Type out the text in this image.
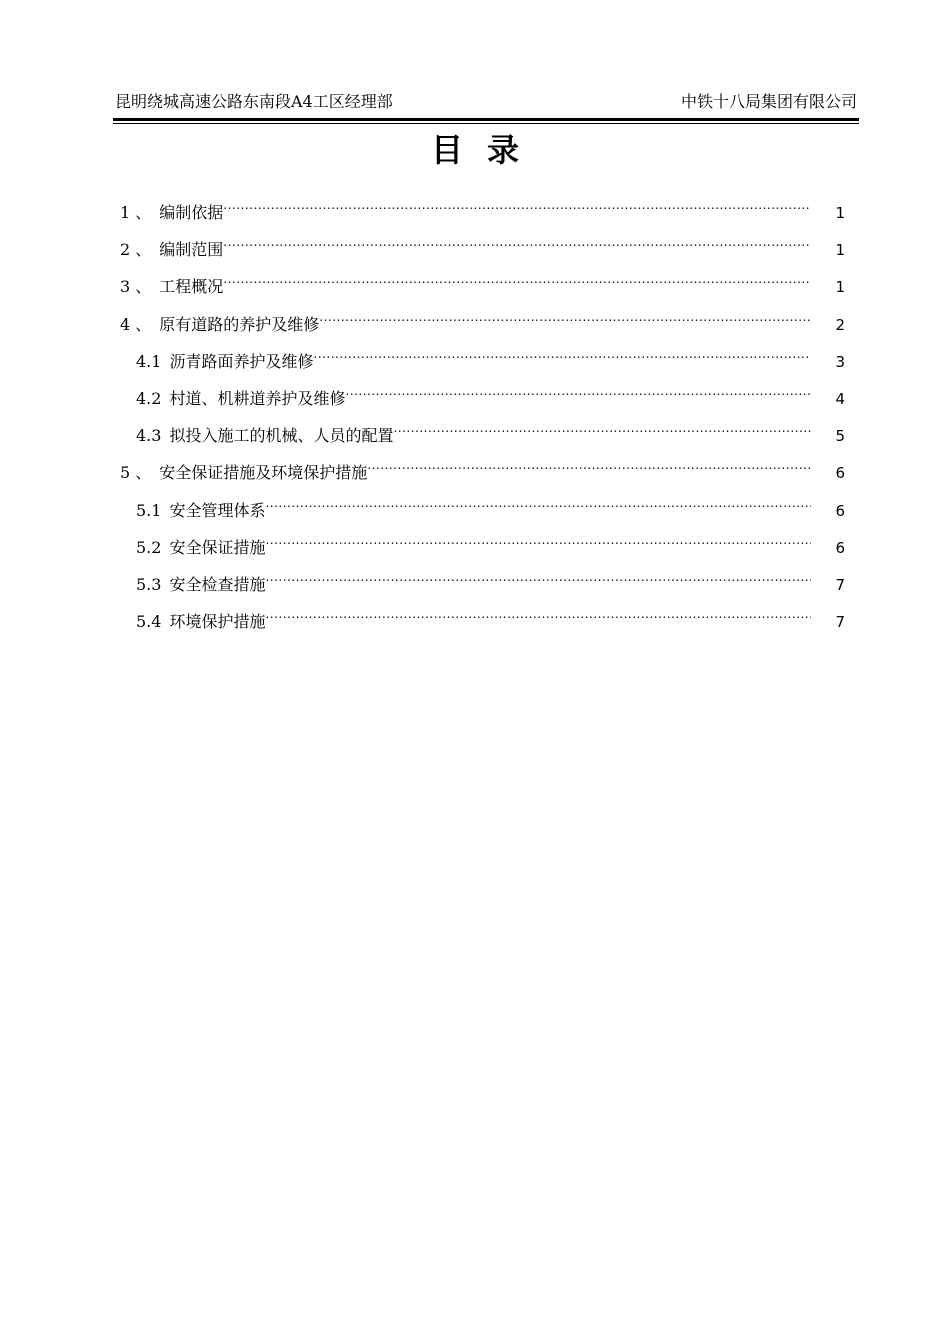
昆明绕城高速公路东南段A4工区经理部	中铁十八局集团有限公司
目录
1 、 编制依据 .....	1
2 、 编制范围 .....	1
3 、 工程概况 .....	1
4 、 原有道路的养护及维修 .....	2
4.1 沥青路面养护及维修 .....	3
4.2 村道、机耕道养护及维修 .....	4
4.3 拟投入施工的机械、人员的配置 .....	5
5 、 安全保证措施及环境保护措施 .....	6
5.1 安全管理体系 .....	6
5.2 安全保证措施 .....	6
5.3 安全检查措施 .....	7
5.4 环境保护措施 .....	7
